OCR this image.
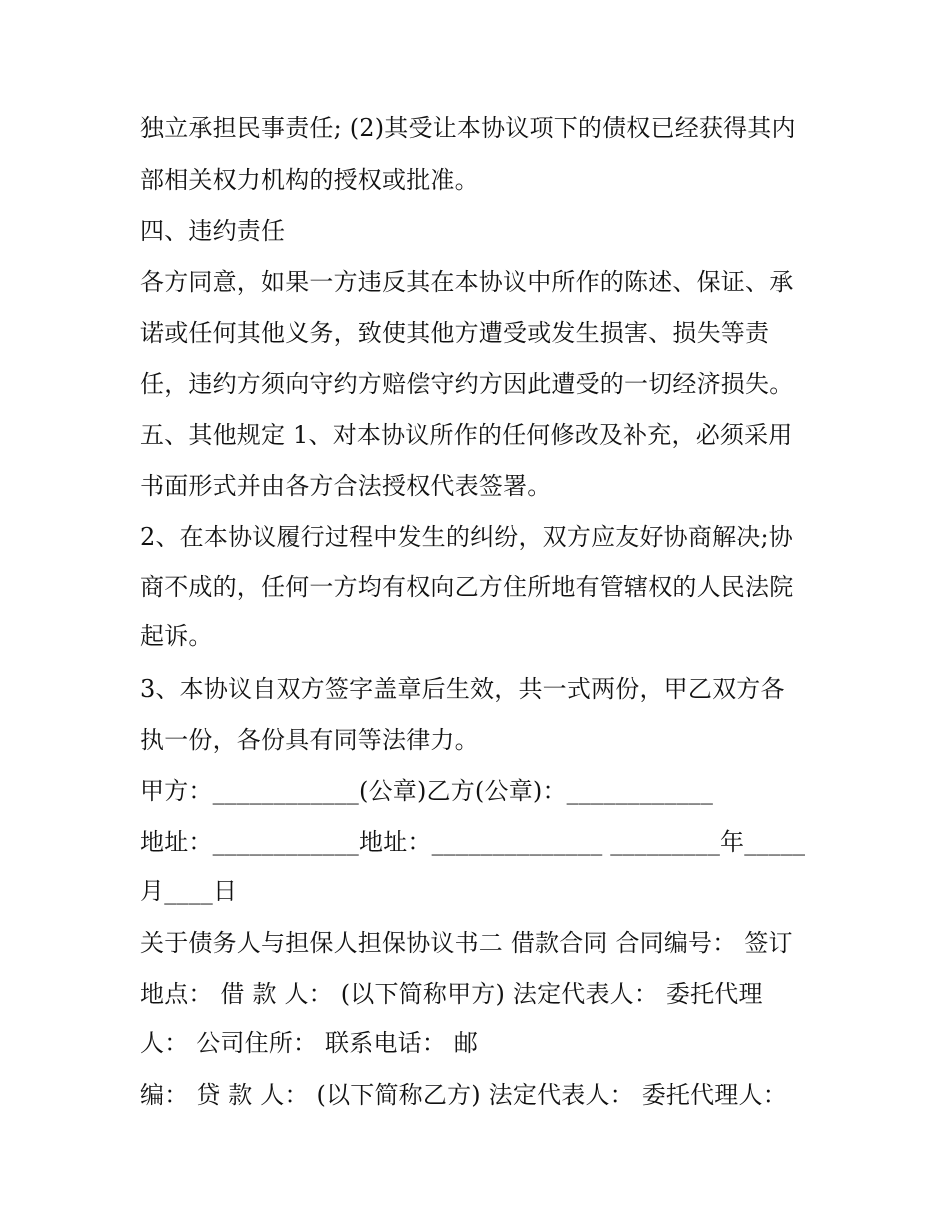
独立承担民事责任; (2)其受让本协议项下的债权已经获得其内
部相关权力机构的授权或批准。
四、违约责任
各方同意，如果一方违反其在本协议中所作的陈述、保证、承
诺或任何其他义务，致使其他方遭受或发生损害、损失等责
任，违约方须向守约方赔偿守约方因此遭受的一切经济损失。
五、其他规定 1、对本协议所作的任何修改及补充，必须采用
书面形式并由各方合法授权代表签署。
2、在本协议履行过程中发生的纠纷，双方应友好协商解决;协
商不成的，任何一方均有权向乙方住所地有管辖权的人民法院
起诉。
3、本协议自双方签字盖章后生效，共一式两份，甲乙双方各
执一份，各份具有同等法律力。
甲方：____________(公章)乙方(公章)：____________
地址：____________地址：______________ _________年_____
月____日
关于债务人与担保人担保协议书二 借款合同 合同编号： 签订
地点： 借 款 人： (以下简称甲方) 法定代表人： 委托代理
人： 公司住所： 联系电话： 邮
编： 贷 款 人： (以下简称乙方) 法定代表人： 委托代理人：
